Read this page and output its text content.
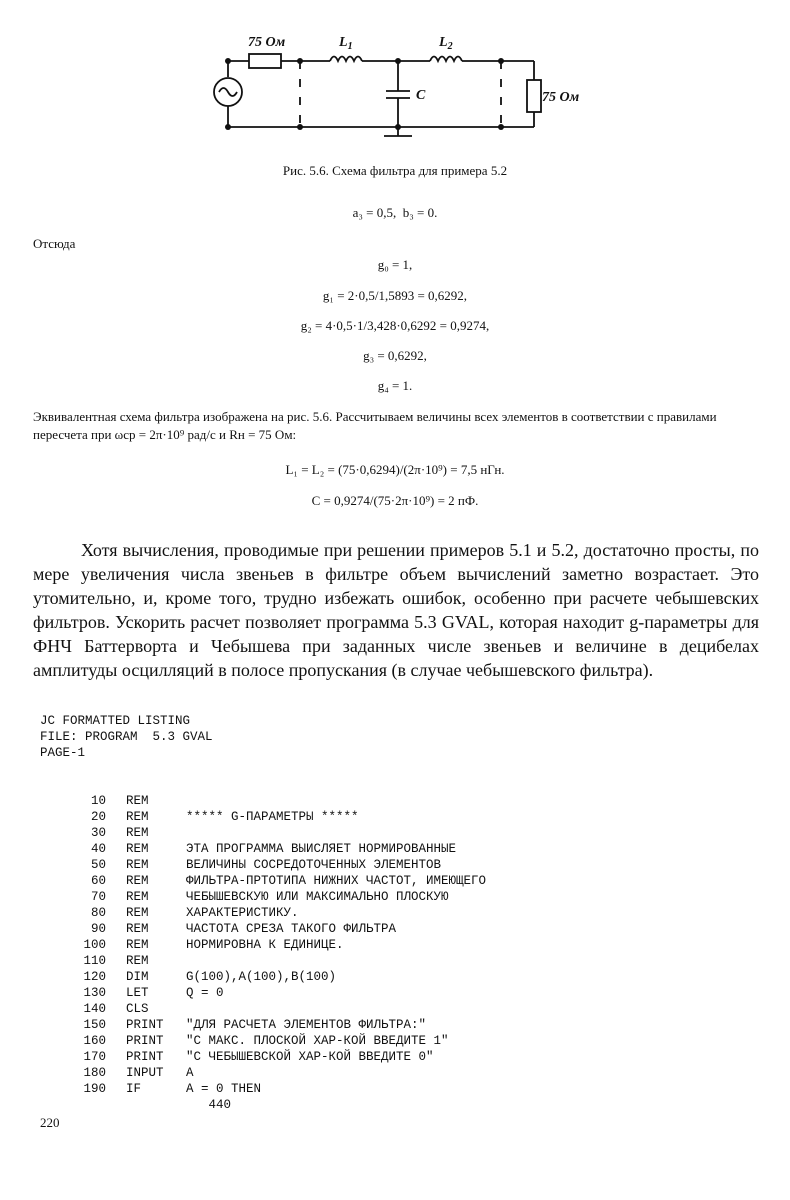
75 Ом	$L_1$	$L_2$
C	75 Ом
Рис. 5.6. Схема фильтра для примера 5.2
a₃ = 0,5,  b₃ = 0.
Отсюда
g₀ = 1,
g₁ = 2·0,5/1,5893 = 0,6292,
g₂ = 4·0,5·1/3,428·0,6292 = 0,9274,
g₃ = 0,6292,
g₄ = 1.

Эквивалентная схема фильтра изображена на рис. 5.6. Рассчитываем величины всех элементов в соответствии с правилами пересчета при ωср = 2π·10⁹ рад/с и Rн = 75 Ом:

L₁ = L₂ = (75·0,6294)/(2π·10⁹) = 7,5 нГн.
C = 0,9274/(75·2π·10⁹) = 2 пФ.
Хотя вычисления, проводимые при решении примеров 5.1 и 5.2, достаточно просты, по мере увеличения числа звеньев в фильтре объем вычислений заметно возрастает. Это утомительно, и, кроме того, трудно избежать ошибок, особенно при расчете чебышевских фильтров. Ускорить расчет позволяет программа 5.3 GVAL, которая находит g-параметры для ФНЧ Баттерворта и Чебышева при заданных числе звеньев и величине в децибелах амплитуды осцилляций в полосе пропускания (в случае чебышевского фильтра).
JC FORMATTED LISTING
FILE: PROGRAM  5.3 GVAL
PAGE-1
10 REM
20 REM	***** G-ПАРАМЕТРЫ *****
30 REM
40 REM	ЭТА ПРОГРАММА ВЫИСЛЯЕТ НОРМИРОВАННЫЕ
50 REM	ВЕЛИЧИНЫ СОСРЕДОТОЧЕННЫХ ЭЛЕМЕНТОВ
60 REM	ФИЛЬТРА-ПРТОТИПА НИЖНИХ ЧАСТОТ, ИМЕЮЩЕГО
70 REM	ЧЕБЫШЕВСКУЮ ИЛИ МАКСИМАЛЬНО ПЛОСКУЮ
80 REM	ХАРАКТЕРИСТИКУ.
90 REM	ЧАСТОТА СРЕЗА ТАКОГО ФИЛЬТРА
100 REM	НОРМИРОВНА К ЕДИНИЦЕ.
110 REM
120 DIM	G(100),A(100),B(100)
130 LET	Q = 0
140 CLS
150 PRINT "ДЛЯ РАСЧЕТА ЭЛЕМЕНТОВ ФИЛЬТРА:"
160 PRINT "С МАКС. ПЛОСКОЙ ХАР-КОЙ ВВЕДИТЕ 1"
170 PRINT "С ЧЕБЫШЕВСКОЙ ХАР-КОЙ ВВЕДИТЕ 0"
180 INPUT A
190 IF	A = 0 THEN
440
220
